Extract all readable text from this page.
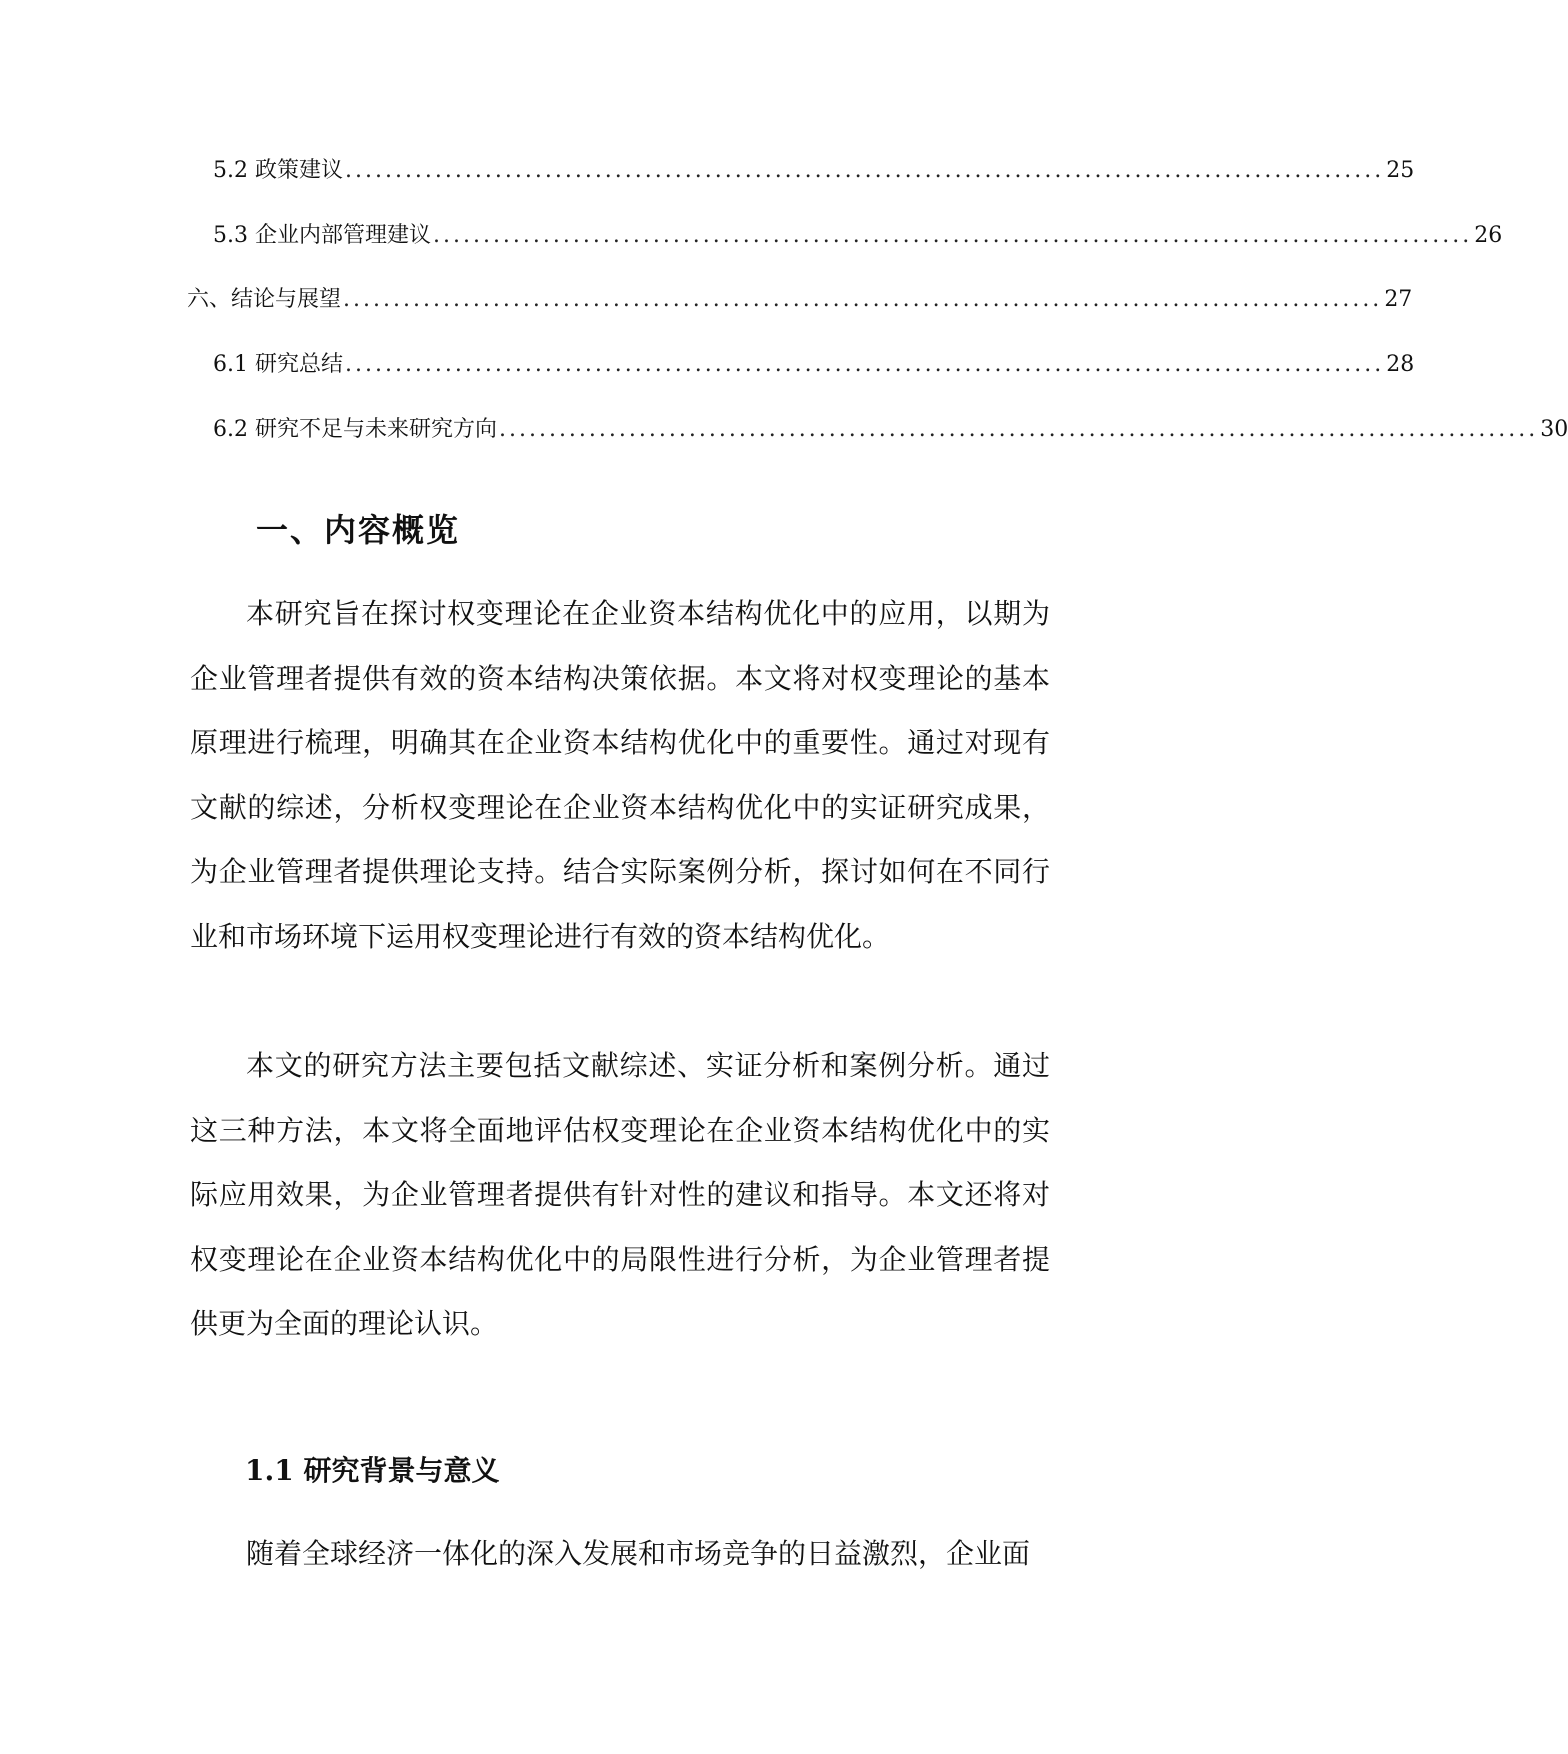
5.2 政策建议 ........................................................................................................ 25
5.3 企业内部管理建议 ........................................................................................................ 26
六、结论与展望 ........................................................................................................ 27
6.1 研究总结 ........................................................................................................ 28
6.2 研究不足与未来研究方向 ........................................................................................................ 30
一、内容概览

本研究旨在探讨权变理论在企业资本结构优化中的应用，以期为企业管理者提供有效的资本结构决策依据。本文将对权变理论的基本原理进行梳理，明确其在企业资本结构优化中的重要性。通过对现有文献的综述，分析权变理论在企业资本结构优化中的实证研究成果，为企业管理者提供理论支持。结合实际案例分析，探讨如何在不同行业和市场环境下运用权变理论进行有效的资本结构优化。

本文的研究方法主要包括文献综述、实证分析和案例分析。通过这三种方法，本文将全面地评估权变理论在企业资本结构优化中的实际应用效果，为企业管理者提供有针对性的建议和指导。本文还将对权变理论在企业资本结构优化中的局限性进行分析，为企业管理者提供更为全面的理论认识。

1.1 研究背景与意义

随着全球经济一体化的深入发展和市场竞争的日益激烈，企业面
